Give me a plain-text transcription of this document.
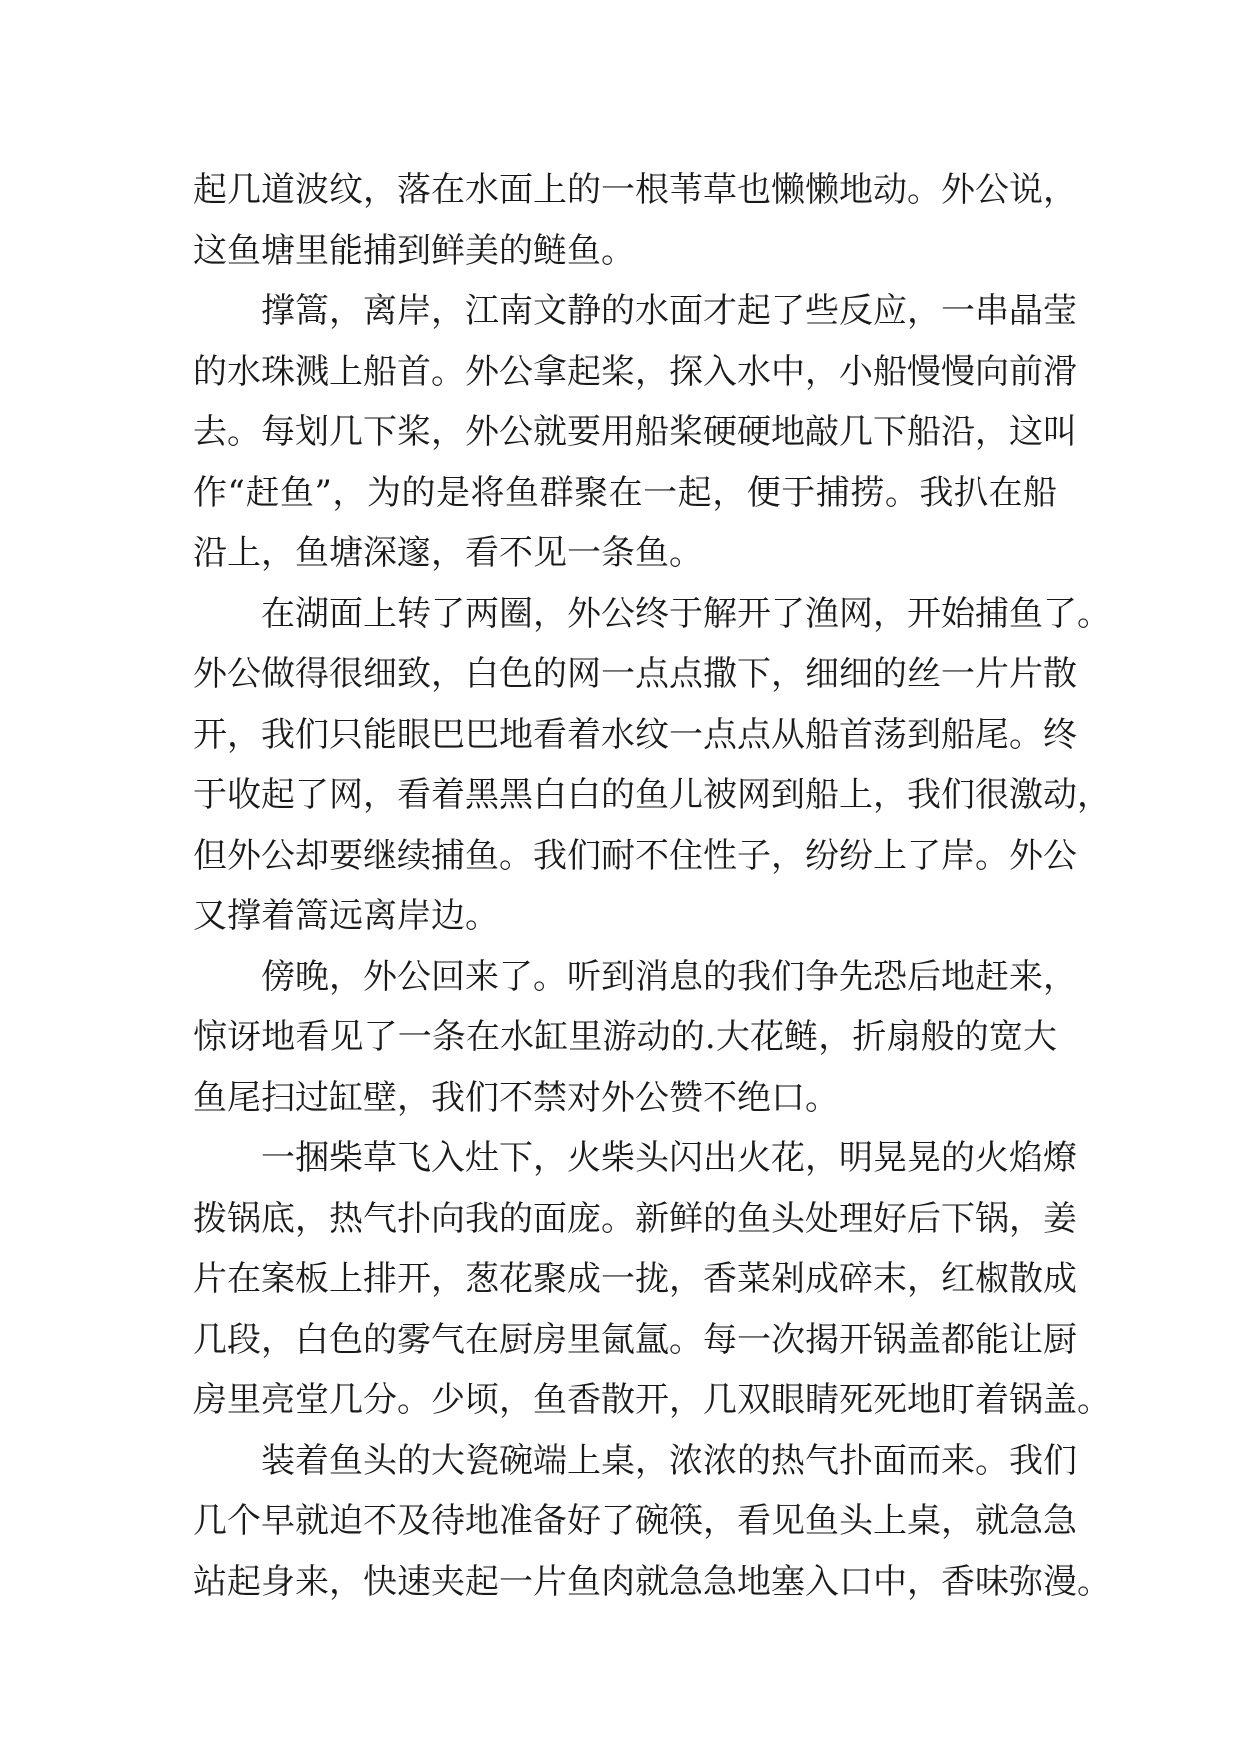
起几道波纹，落在水面上的一根苇草也懒懒地动。外公说，
这鱼塘里能捕到鲜美的鲢鱼。
撑篙，离岸，江南文静的水面才起了些反应，一串晶莹
的水珠溅上船首。外公拿起桨，探入水中，小船慢慢向前滑
去。每划几下桨，外公就要用船桨硬硬地敲几下船沿，这叫
作“赶鱼”，为的是将鱼群聚在一起，便于捕捞。我扒在船
沿上，鱼塘深邃，看不见一条鱼。
在湖面上转了两圈，外公终于解开了渔网，开始捕鱼了。
外公做得很细致，白色的网一点点撒下，细细的丝一片片散
开，我们只能眼巴巴地看着水纹一点点从船首荡到船尾。终
于收起了网，看着黑黑白白的鱼儿被网到船上，我们很激动，
但外公却要继续捕鱼。我们耐不住性子，纷纷上了岸。外公
又撑着篙远离岸边。
傍晚，外公回来了。听到消息的我们争先恐后地赶来，
惊讶地看见了一条在水缸里游动的.大花鲢，折扇般的宽大
鱼尾扫过缸壁，我们不禁对外公赞不绝口。
一捆柴草飞入灶下，火柴头闪出火花，明晃晃的火焰燎
拨锅底，热气扑向我的面庞。新鲜的鱼头处理好后下锅，姜
片在案板上排开，葱花聚成一拢，香菜剁成碎末，红椒散成
几段，白色的雾气在厨房里氤氲。每一次揭开锅盖都能让厨
房里亮堂几分。少顷，鱼香散开，几双眼睛死死地盯着锅盖。
装着鱼头的大瓷碗端上桌，浓浓的热气扑面而来。我们
几个早就迫不及待地准备好了碗筷，看见鱼头上桌，就急急
站起身来，快速夹起一片鱼肉就急急地塞入口中，香味弥漫。
